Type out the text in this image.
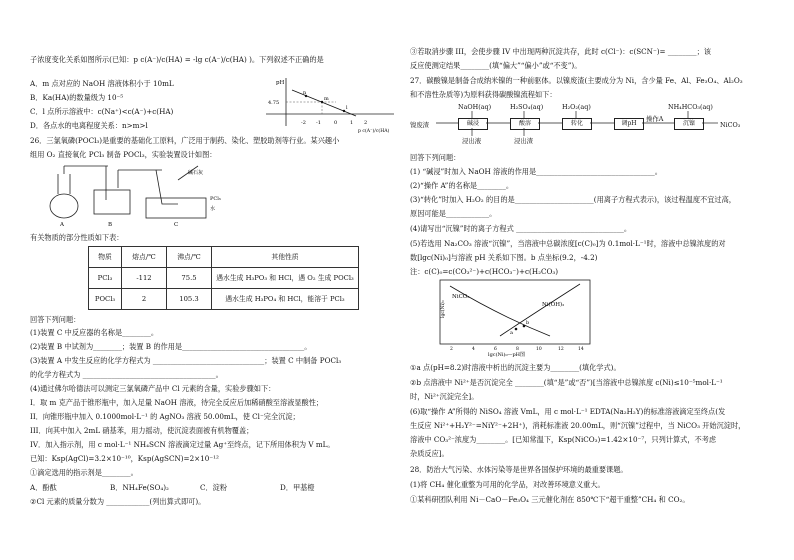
子浓度变化关系如图所示(已知：p c(A⁻)/c(HA) = -lg c(A⁻)/c(HA) )。下列叙述不正确的是
A．m 点对应的 NaOH 溶液体积小于 10mL
B．Ka(HA)的数量级为 10⁻⁵
C．l 点所示溶液中：c(Na⁺)<c(A⁻)+c(HA)
D．各点水的电离程度关系：n>m>l
pH
4.75
-2 -1	0	1 2
p c(A⁻)/c(HA)
n
m
l
26．三氯氧磷(POCl₃)是重要的基础化工原料，广泛用于制药、染化、塑胶助剂等行业。某兴趣小
组用 O₂ 直接氧化 PCl₃ 制备 POCl₃，实验装置设计如图：
A	B	C
碱石灰
PCl₃
水
有关物质的部分性质如下表：
物质	熔点/℃	沸点/℃	其他性质
PCl₃	-112	75.5	遇水生成 H₃PO₃ 和 HCl，遇 O₂ 生成 POCl₃
POCl₃	2	105.3	遇水生成 H₃PO₄ 和 HCl，能溶于 PCl₃
回答下列问题：
(1)装置 C 中反应器的名称是________。
(2)装置 B 中试剂为________；装置 B 的作用是__________________________________。
(3)装置 A 中发生反应的化学方程式为 _______________________________；装置 C 中制备 POCl₃
的化学方程式为 _____________________________________。
(4)通过佛尔哈德法可以测定三氯氧磷产品中 Cl 元素的含量，实验步骤如下：
I．取 m 克产品于锥形瓶中，加入足量 NaOH 溶液，待完全反应后加稀硝酸至溶液显酸性；
II．向锥形瓶中加入 0.1000mol·L⁻¹ 的 AgNO₃ 溶液 50.00mL，使 Cl⁻完全沉淀；
III．向其中加入 2mL 硝基苯，用力摇动，使沉淀表面被有机物覆盖；
IV．加入指示剂，用 c mol·L⁻¹ NH₄SCN 溶液滴定过量 Ag⁺至终点，记下所用体积为 V mL。
已知：Ksp(AgCl)=3.2×10⁻¹⁰，Ksp(AgSCN)=2×10⁻¹²
①滴定选用的指示剂是________。
A．酚酞	B．NH₄Fe(SO₄)₂	C．淀粉	D．甲基橙
②Cl 元素的质量分数为 ____________(列出算式即可)。
③若取消步骤 III，会使步骤 IV 中出现两种沉淀共存，此时 c(Cl⁻)：c(SCN⁻)= ________；该
反应使测定结果________(填“偏大”“偏小”或“不变”)。
27．碳酸镍是制备合成纳米镍的一种前驱体。以镍废渣(主要成分为 Ni，含少量 Fe、Al、Fe₃O₄、Al₂O₃
和不溶性杂质等)为原料获得碳酸镍流程如下：
镍废渣
NaOH(aq)	H₂SO₄(aq)	H₂O₂(aq)	NH₄HCO₃(aq)
碱浸	酸溶	转化	调pH	沉镍
操作A
NiCO₃
浸出液	浸出渣
回答下列问题：
(1) “碱浸”时加入 NaOH 溶液的作用是_________________________________。
(2)“操作 A”的名称是________。
(3)“转化”时加入 H₂O₂ 的目的是______________________(用离子方程式表示)，该过程温度不宜过高，
原因可能是____________。
(4)请写出“沉镍”时的离子方程式 ______________________________。
(5)若选用 Na₂CO₃ 溶液“沉镍”，当溶液中总碳浓度[c(C)₀]为 0.1mol·L⁻¹时，溶液中总镍浓度的对
数[lgc(Ni)₀]与溶液 pH 关系如下图。b 点坐标(9.2，-4.2)
注：c(C)₀=c(CO₃²⁻)+c(HCO₃⁻)+c(H₂CO₃)
NiCO₃
Ni(OH)₂
b
a
lgc(Ni)₀
lgc(Ni)₀—pH图
2	4	6	8	10	12	14
①a 点(pH=8.2)时溶液中析出的沉淀主要为________(填化学式)。
②b 点溶液中 Ni²⁺是否沉淀完全 ________(填“是”或“否”)[当溶液中总镍浓度 c(Ni)≤10⁻⁵mol·L⁻¹
时，Ni²⁺沉淀完全]。
(6)取“操作 A”所得的 NiSO₄ 溶液 VmL，用 c mol·L⁻¹ EDTA(Na₂H₂Y)的标准溶液滴定至终点(发
生反应 Ni²⁺+H₂Y²⁻=NiY²⁻+2H⁺)，消耗标准液 20.00mL，则“沉镍”过程中，当 NiCO₃ 开始沉淀时，
溶液中 CO₃²⁻浓度为________。[已知常温下，Ksp(NiCO₃)=1.42×10⁻⁷，只列计算式，不考虑
杂质反应]。
28．防治大气污染、水体污染等是世界各国保护环境的最重要课题。
(1)将 CH₄ 催化重整为可用的化学品，对改善环境意义重大。
①某科研团队利用 Ni－CaO－Fe₃O₄ 三元催化剂在 850℃下“超干重整”CH₄ 和 CO₂。
